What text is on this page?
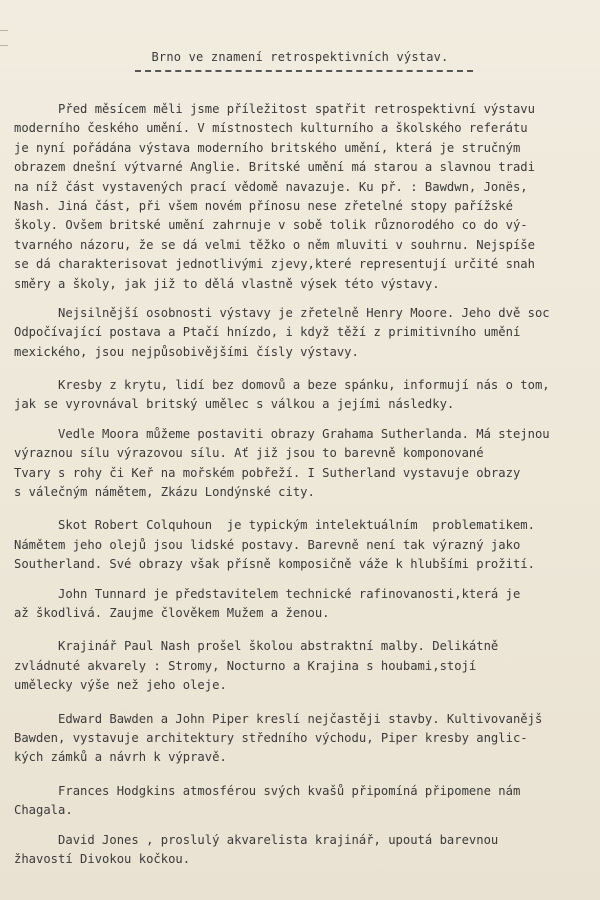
Brno ve znamení retrospektivních výstav.
Před měsícem měli jsme příležitost spatřit retrospektivní výstavu
moderního českého umění. V místnostech kulturního a školského referátu
je nyní pořádána výstava moderního britského umění, která je stručným
obrazem dnešní výtvarné Anglie. Britské umění má starou a slavnou tradi
na níž část vystavených prací vědomě navazuje. Ku př. : Bawdwn, Jonës,
Nash. Jiná část, při všem novém přínosu nese zřetelné stopy pařížské
školy. Ovšem britské umění zahrnuje v sobě tolik různorodého co do vý-
tvarného názoru, že se dá velmi těžko o něm mluviti v souhrnu. Nejspíše
se dá charakterisovat jednotlivými zjevy,které representují určité snah
směry a školy, jak již to dělá vlastně výsek této výstavy.
Nejsilnější osobnosti výstavy je zřetelně Henry Moore. Jeho dvě soc
Odpočívající postava a Ptačí hnízdo, i když těží z primitivního umění
mexického, jsou nejpůsobivějšími čísly výstavy.
Kresby z krytu, lidí bez domovů a beze spánku, informují nás o tom,
jak se vyrovnával britský umělec s válkou a jejími následky.
Vedle Moora můžeme postaviti obrazy Grahama Sutherlanda. Má stejnou
výraznou sílu výrazovou sílu. Ať již jsou to barevně komponované
Tvary s rohy či Keř na mořském pobřeží. I Sutherland vystavuje obrazy
s válečným námětem, Zkázu Londýnské city.
Skot Robert Colquhoun  je typickým intelektuálním  problematikem.
Námětem jeho olejů jsou lidské postavy. Barevně není tak výrazný jako
Southerland. Své obrazy však přísně komposičně váže k hlubšími prožití.
John Tunnard je představitelem technické rafinovanosti,která je
až škodlivá. Zaujme člověkem Mužem a ženou.
Krajinář Paul Nash prošel školou abstraktní malby. Delikátně
zvládnuté akvarely : Stromy, Nocturno a Krajina s houbami,stojí
umělecky výše než jeho oleje.
Edward Bawden a John Piper kreslí nejčastěji stavby. Kultivovanějš
Bawden, vystavuje architektury středního východu, Piper kresby anglic-
kých zámků a návrh k výpravě.
Frances Hodgkins atmosférou svých kvašů připomíná připomene nám
Chagala.
David Jones , proslulý akvarelista krajinář, upoutá barevnou
žhavostí Divokou kočkou.
